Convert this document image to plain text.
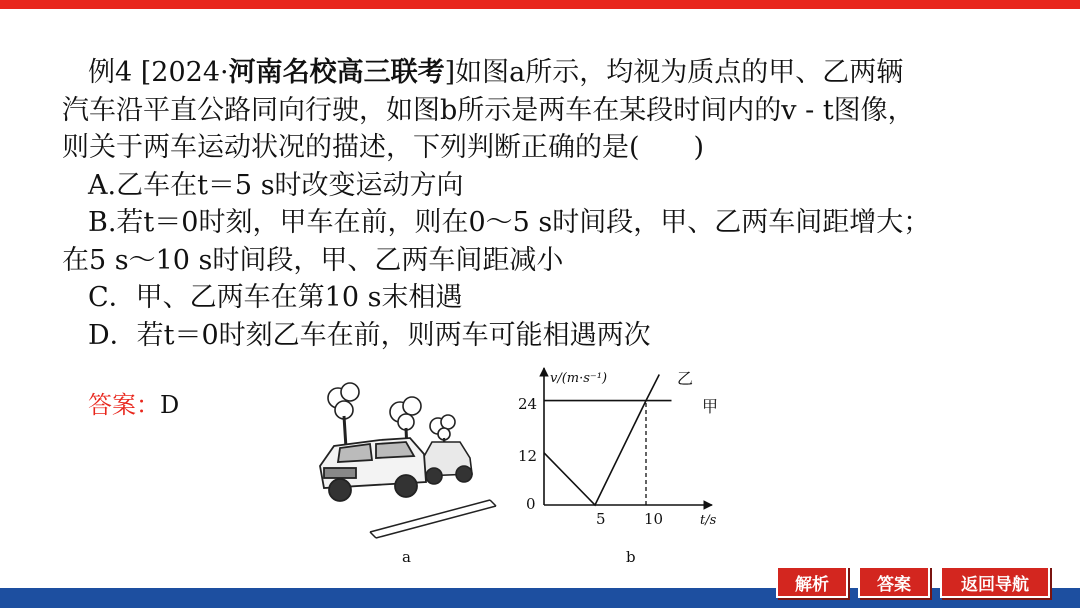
例4 [2024·河南名校高三联考]如图a所示，均视为质点的甲、乙两辆
汽车沿平直公路同向行驶，如图b所示是两车在某段时间内的v - t图像，
则关于两车运动状况的描述，下列判断正确的是(　　)
A.乙车在t＝5 s时改变运动方向
B.若t＝0时刻，甲车在前，则在0～5 s时间段，甲、乙两车间距增大；
在5 s～10 s时间段，甲、乙两车间距减小
C．甲、乙两车在第10 s末相遇
D．若t＝0时刻乙车在前，则两车可能相遇两次
答案：D
a
v/(m·s⁻¹)
t/s
24
12
0
5	10
乙
甲
b
解析	答案	返回导航
